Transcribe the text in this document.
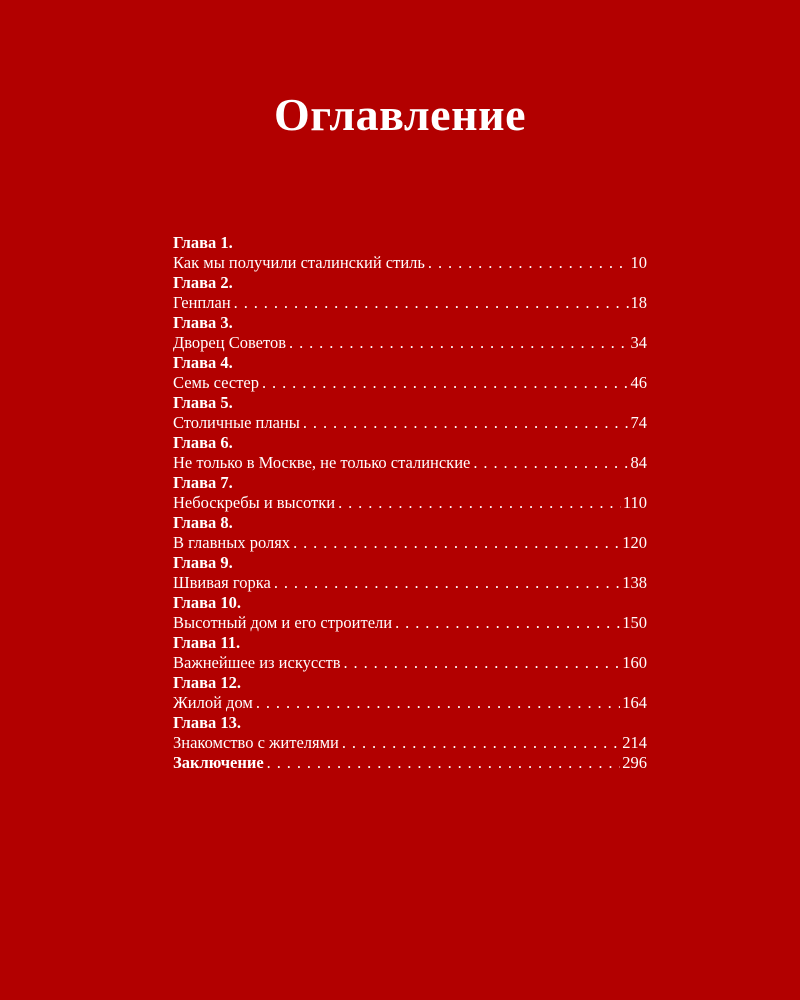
Оглавление
Глава 1.
Как мы получили сталинский стиль . . .	10
Глава 2.
Генплан . . .	18
Глава 3.
Дворец Советов . . .	34
Глава 4.
Семь сестер . . .	46
Глава 5.
Столичные планы . . .	74
Глава 6.
Не только в Москве, не только сталинские . . .	84
Глава 7.
Небоскребы и высотки . . .	110
Глава 8.
В главных ролях . . .	120
Глава 9.
Швивая горка . . .	138
Глава 10.
Высотный дом и его строители . . .	150
Глава 11.
Важнейшее из искусств . . .	160
Глава 12.
Жилой дом . . .	164
Глава 13.
Знакомство с жителями . . .	214
Заключение . . .	296
